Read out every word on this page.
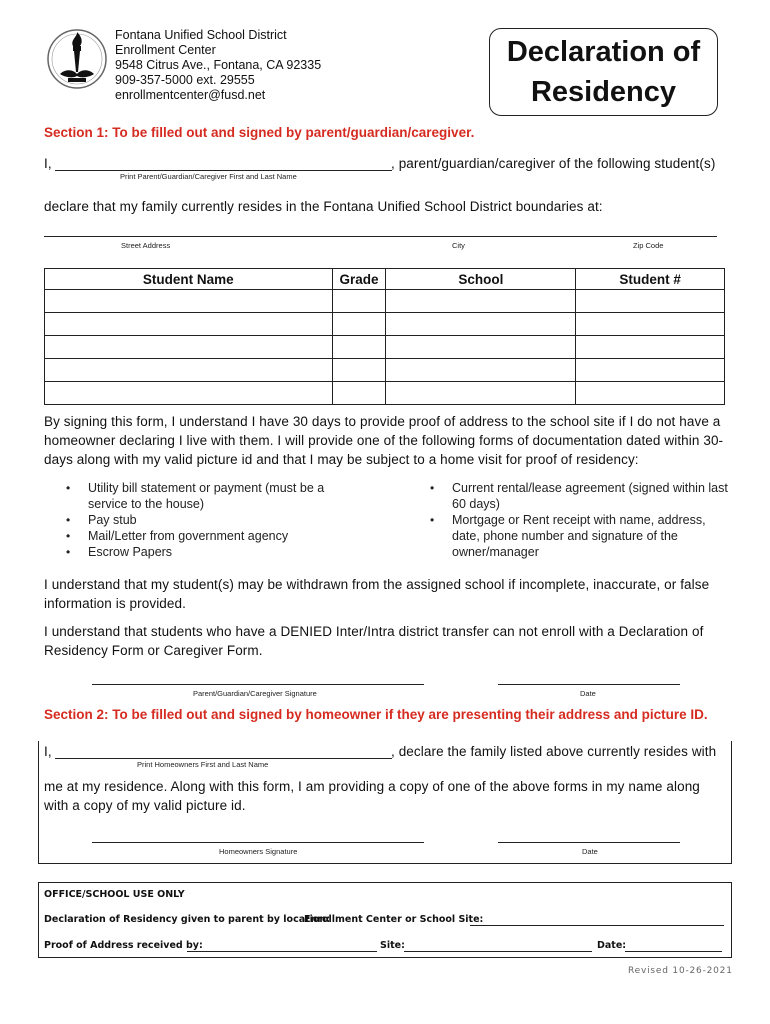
Fontana Unified School District
Enrollment Center
9548 Citrus Ave., Fontana, CA 92335
909-357-5000 ext. 29555
enrollmentcenter@fusd.net
Declaration of
Residency
Section 1: To be filled out and signed by parent/guardian/caregiver.
I,	, parent/guardian/caregiver of the following student(s)
Print Parent/Guardian/Caregiver First and Last Name
declare that my family currently resides in the Fontana Unified School District boundaries at:
Street Address	City	Zip Code
Student Name	Grade	School	Student #

By signing this form, I understand I have 30 days to provide proof of address to the school site if I do not have a homeowner declaring I live with them. I will provide one of the following forms of documentation dated within 30-days along with my valid picture id and that I may be subject to a home visit for proof of residency:
• Utility bill statement or payment (must be a service to the house)
• Pay stub
• Mail/Letter from government agency
• Escrow Papers
• Current rental/lease agreement (signed within last 60 days)
• Mortgage or Rent receipt with name, address, date, phone number and signature of the owner/manager
I understand that my student(s) may be withdrawn from the assigned school if incomplete, inaccurate, or false information is provided.
I understand that students who have a DENIED Inter/Intra district transfer can not enroll with a Declaration of Residency Form or Caregiver Form.
Parent/Guardian/Caregiver Signature	Date
Section 2: To be filled out and signed by homeowner if they are presenting their address and picture ID.
I,	, declare the family listed above currently resides with
Print Homeowners First and Last Name
me at my residence. Along with this form, I am providing a copy of one of the above forms in my name along with a copy of my valid picture id.
Homeowners Signature	Date
OFFICE/SCHOOL USE ONLY
Declaration of Residency given to parent by location:
Enrollment Center or School Site:
Proof of Address received by:	Site:	Date:
Revised 10-26-2021
